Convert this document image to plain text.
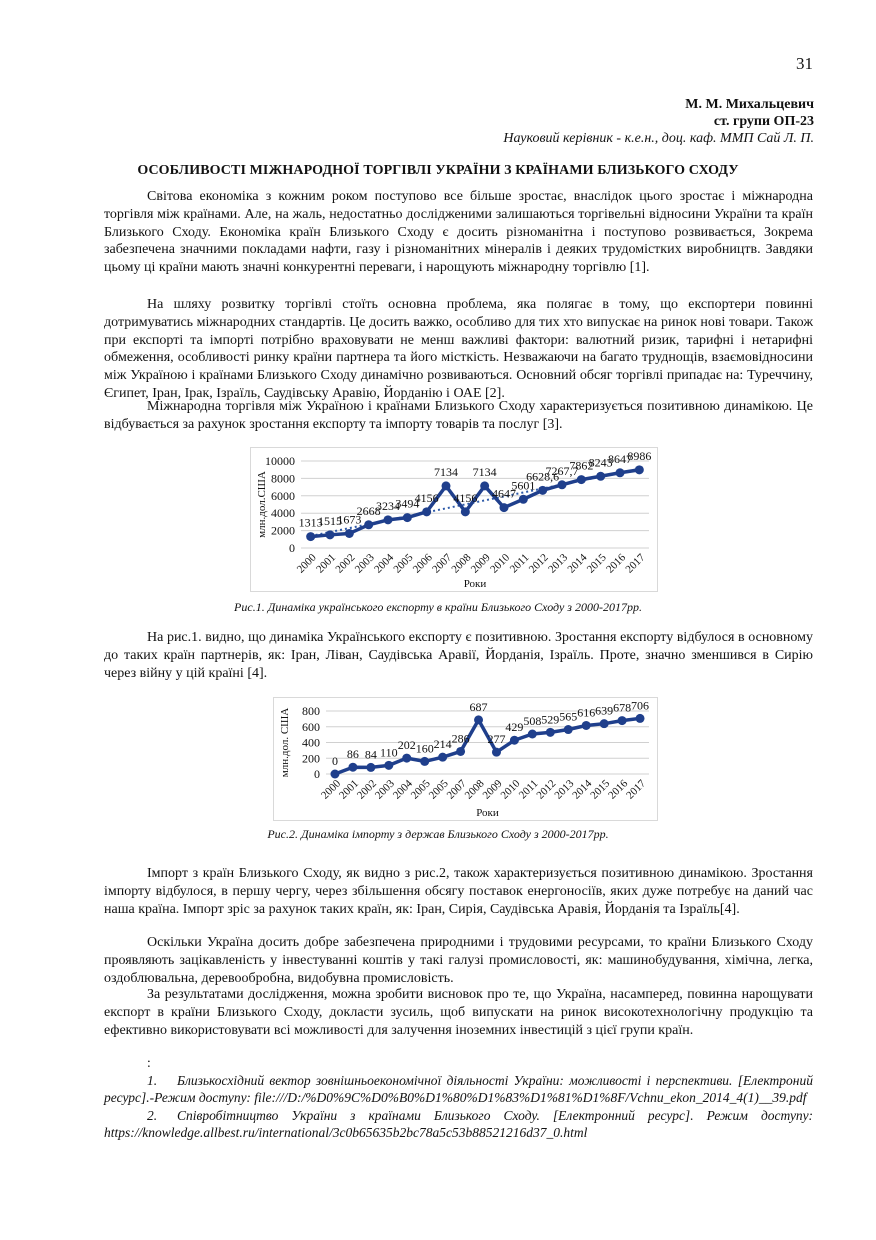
31
М. М. Михальцевич
ст. групи ОП-23
Науковий керівник - к.е.н., доц. каф. ММП Сай Л. П.
ОСОБЛИВОСТІ МІЖНАРОДНОЇ ТОРГІВЛІ УКРАЇНИ З КРАЇНАМИ БЛИЗЬКОГО СХОДУ
Світова економіка з кожним роком поступово все більше зростає, внаслідок цього зростає і міжнародна торгівля між країнами. Але, на жаль, недостатньо дослідженими залишаються торгівельні відносини України та країн Близького Сходу. Економіка країн Близького Сходу є досить різноманітна і поступово розвивається, Зокрема забезпечена значними покладами нафти, газу і різноманітних мінералів і деяких трудомістких виробництв. Завдяки цьому ці країни мають значні конкурентні переваги, і нарощують міжнародну торгівлю [1].
На шляху розвитку торгівлі стоїть основна проблема, яка полягає в тому, що експортери повинні дотримуватись міжнародних стандартів. Це досить важко, особливо для тих хто випускає на ринок нові товари. Також при експорті та імпорті потрібно враховувати не менш важливі фактори: валютний ризик, тарифні і нетарифні обмеження, особливості ринку країни партнера та його місткість. Незважаючи на багато труднощів, взаємовідносини між Україною і країнами Близького Сходу динамічно розвиваються. Основний обсяг торгівлі припадає на: Туреччину, Єгипет, Іран, Ірак, Ізраїль, Саудівську Аравію, Йорданію і ОАЕ [2].
Міжнародна торгівля між Україною і країнами Близького Сходу характеризується позитивною динамікою. Це відбувається за рахунок зростання експорту та імпорту товарів та послуг [3].
0
2000
4000
6000
8000
10000
млн.дол.США	1313
1515
1673
2668
3234
3494
4156
7134
4156
7134
4647
5601
6628,6
7267,7
7862
8243
8647
8986
2000
2001
2002
2003
2004
2005
2006
2007
2008
2009
2010
2011
2012
2013
2014
2015
2016
2017
Роки
Рис.1. Динаміка українського експорту в країни Близького Сходу з 2000-2017рр.
На рис.1. видно, що динаміка Українського експорту є позитивною. Зростання експорту відбулося в основному до таких країн партнерів, як: Іран, Ліван, Саудівська Аравії, Йорданія, Ізраїль. Проте, значно зменшився в Сирію через війну у цій країні [4].
0
200
400
600
800
млн.дол. США	0 86 84 110
202 160 214 286
687
277
429 508 529 565 616 639 678 706
2000
2001
2002
2003
2004
2005
2005
2007
2008
2009
2010
2011
2012
2013
2014
2015
2016
2017
Роки
Рис.2. Динаміка імпорту з держав Близького Сходу з 2000-2017рр.
Імпорт з країн Близького Сходу, як видно з рис.2, також характеризується позитивною динамікою. Зростання імпорту відбулося, в першу чергу, через збільшення обсягу поставок енергоносіїв, яких дуже потребує на даний час наша країна. Імпорт зріс за рахунок таких країн, як: Іран, Сирія, Саудівська Аравія, Йорданія та Ізраїль[4].
Оскільки Україна досить добре забезпечена природними і трудовими ресурсами, то країни Близького Сходу проявляють зацікавленість у інвестуванні коштів у такі галузі промисловості, як: машинобудування, хімічна, легка, оздоблювальна, деревообробна, видобувна промисловість.
За результатами дослідження, можна зробити висновок про те, що Україна, насамперед, повинна нарощувати експорт в країни Близького Сходу, докласти зусиль, щоб випускати на ринок високотехнологічну продукцію та ефективно використовувати всі можливості для залучення іноземних інвестицій з цієї групи країн.
:
1. Близькосхідний вектор зовнішньоекономічної діяльності України: можливості і перспективи. [Електроний ресурс].-Режим доступу: file:///D:/%D0%9C%D0%B0%D1%80%D1%83%D1%81%D1%8F/Vchnu_ekon_2014_4(1)__39.pdf
2. Співробітництво України з країнами Близького Сходу. [Електронний ресурс]. Режим доступу: https://knowledge.allbest.ru/international/3c0b65635b2bc78a5c53b88521216d37_0.html
